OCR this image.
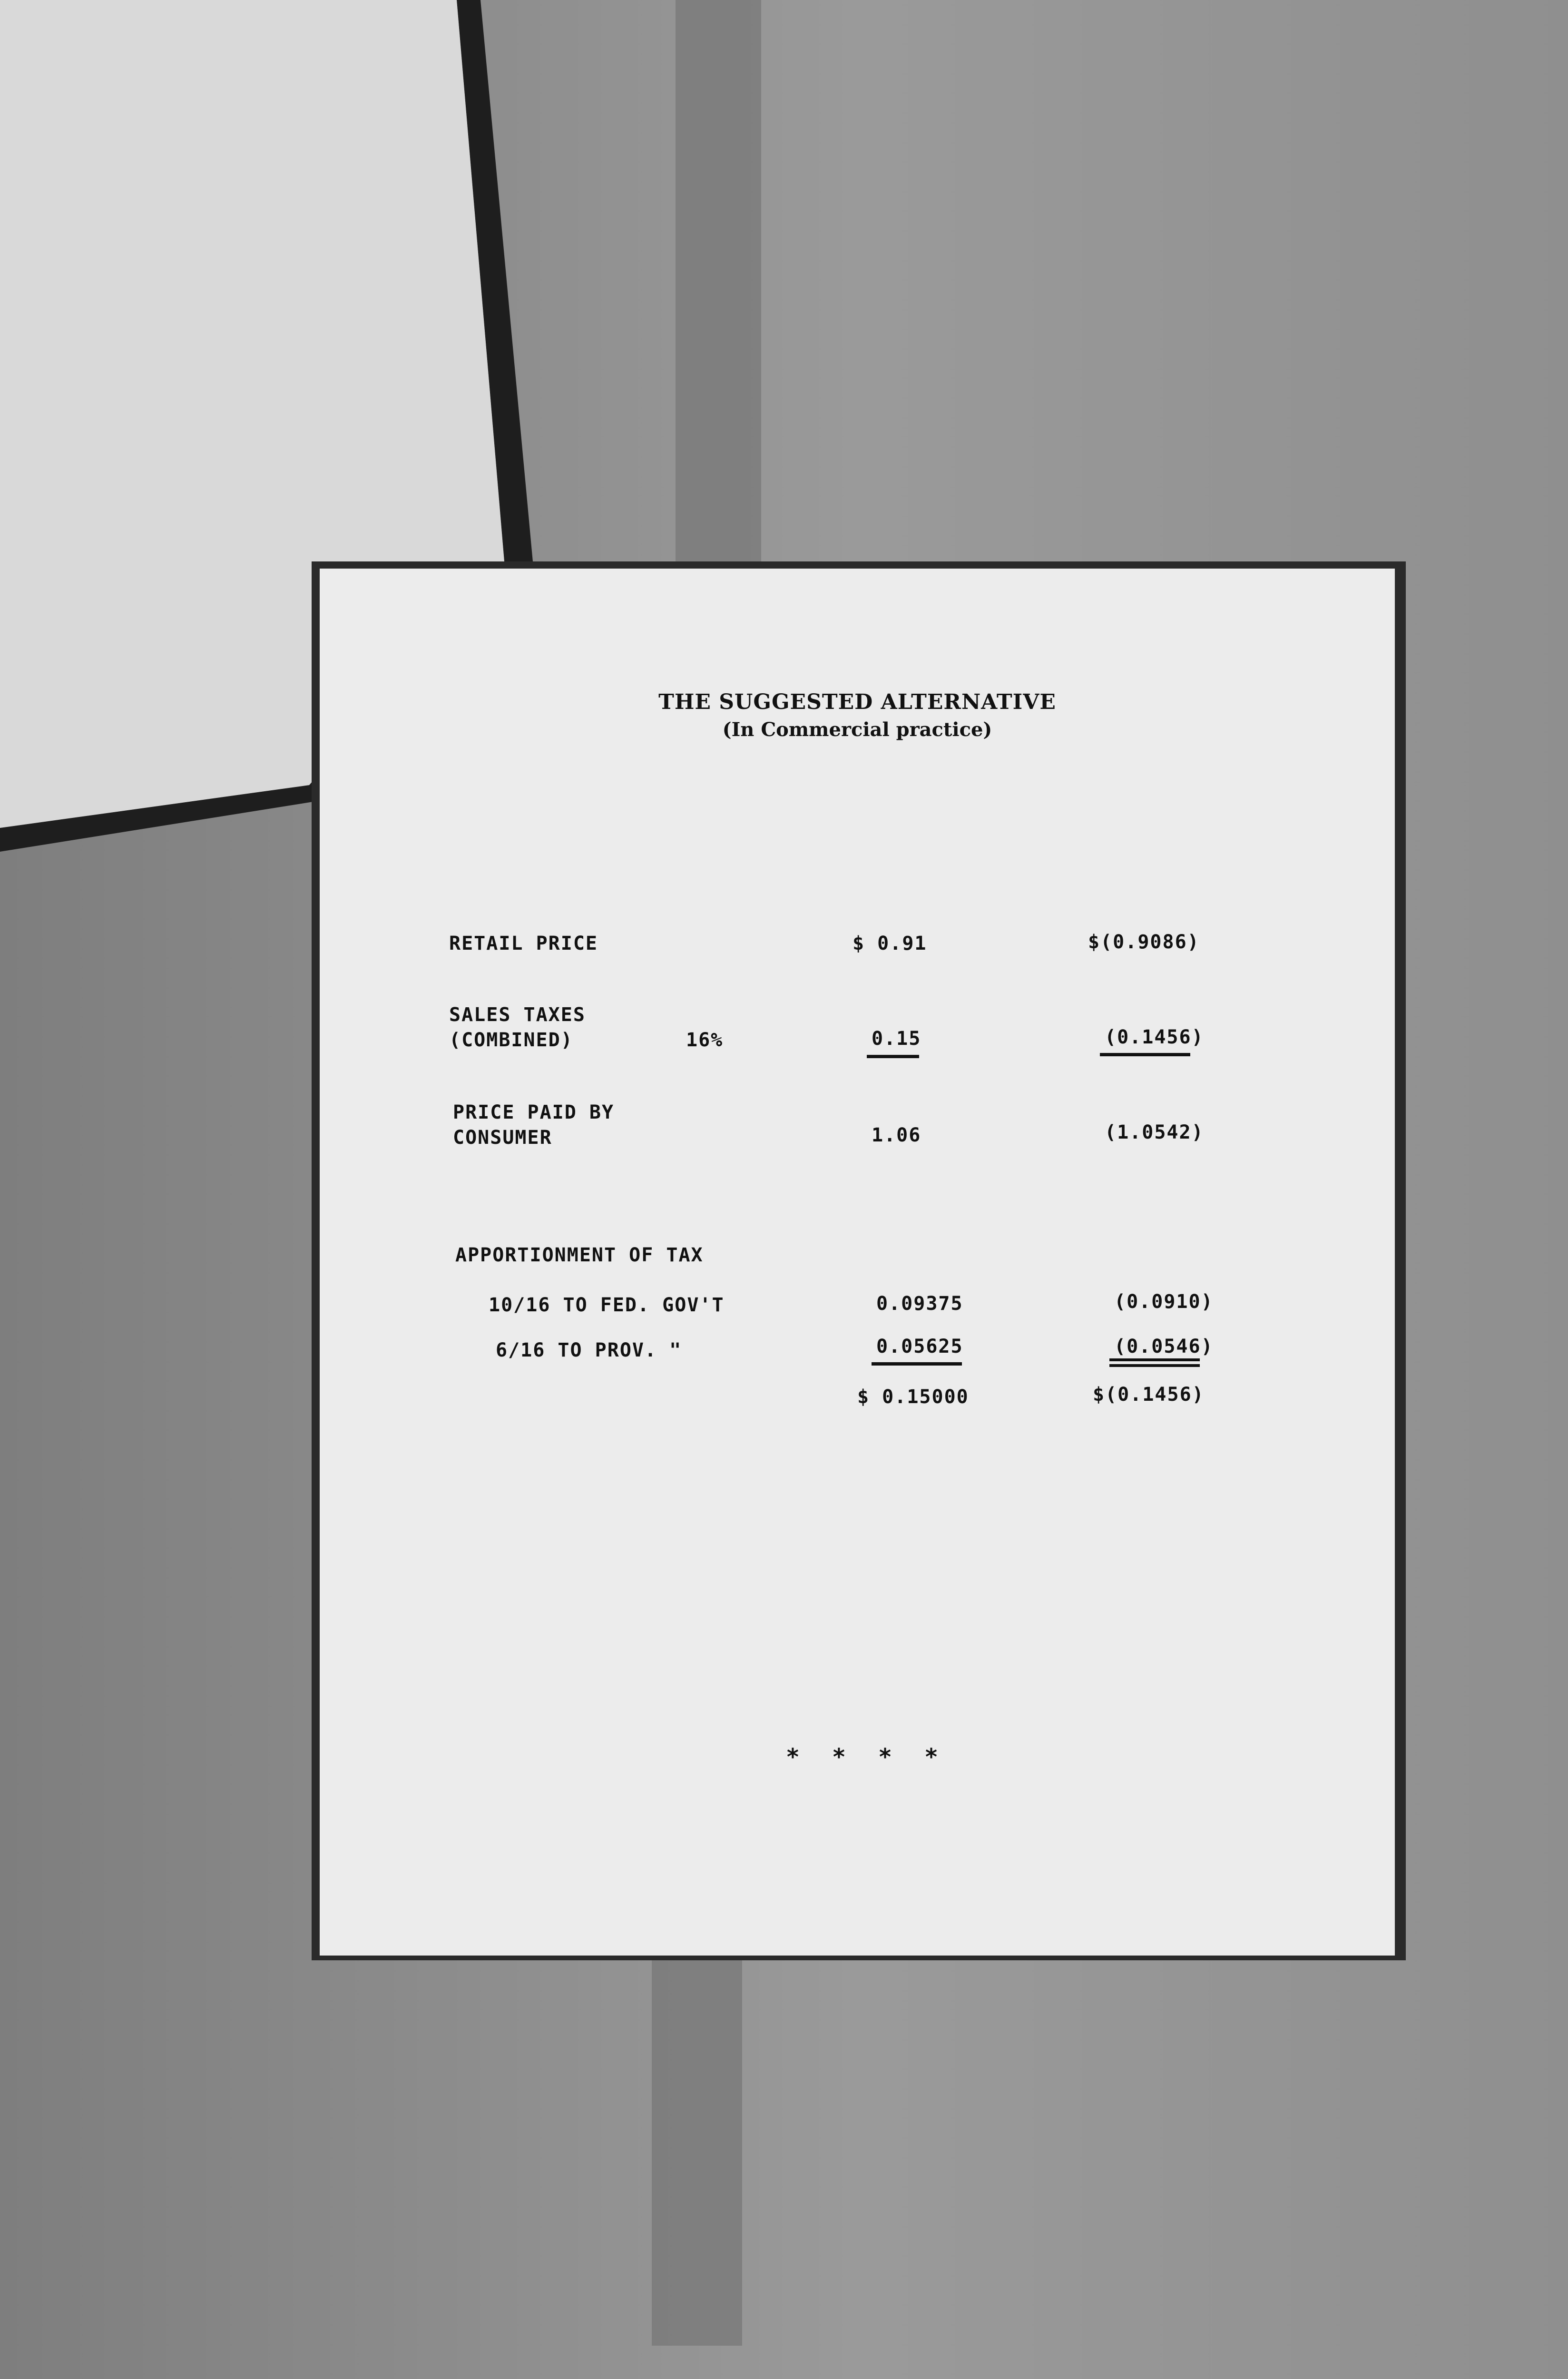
THE SUGGESTED ALTERNATIVE
(In Commercial practice)
RETAIL PRICE	$ 0.91	$(0.9086)
SALES TAXES
(COMBINED)	16%	0.15	(0.1456)
PRICE PAID BY
CONSUMER	1.06	(1.0542)
APPORTIONMENT OF TAX
10/16 TO FED. GOV'T	0.09375	(0.0910)
6/16 TO PROV. "	0.05625	(0.0546)
$ 0.15000	$(0.1456)
* * * *
